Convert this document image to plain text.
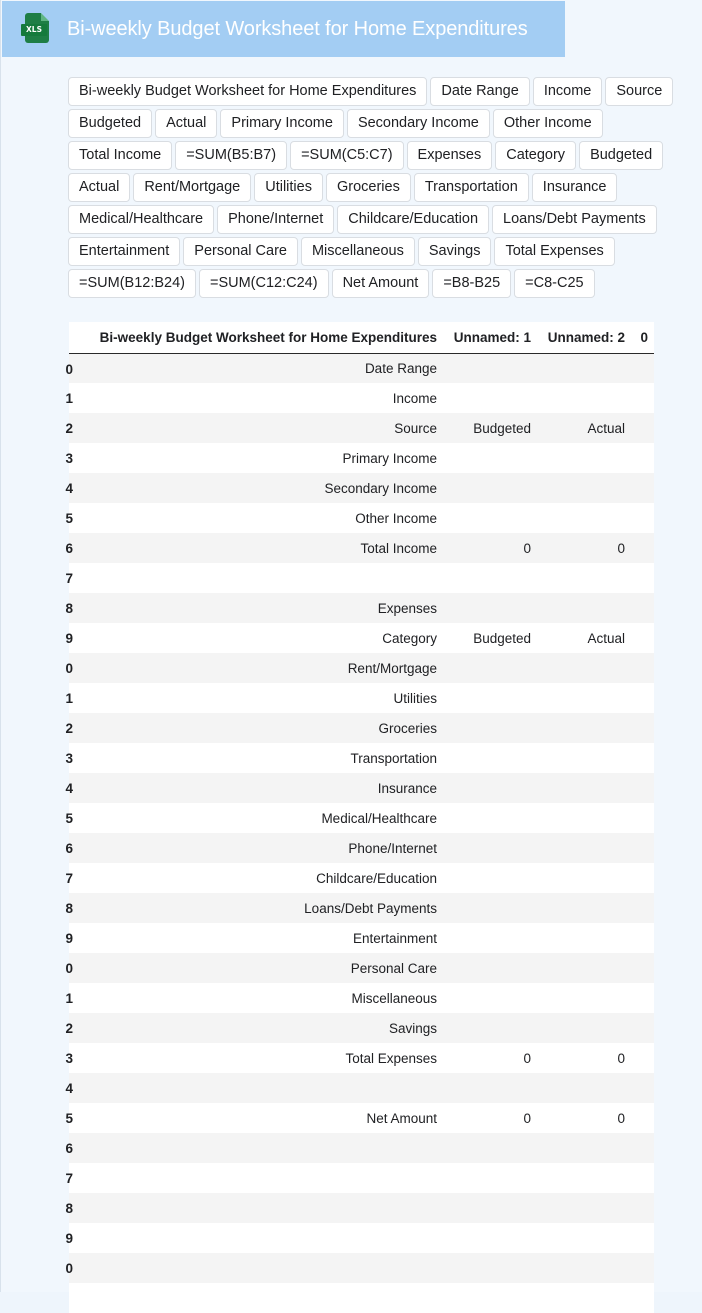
XLS Bi-weekly Budget Worksheet for Home Expenditures
Bi-weekly Budget Worksheet for Home Expenditures	Date Range	Income	Source
Budgeted	Actual	Primary Income	Secondary Income	Other Income
Total Income	=SUM(B5:B7)	=SUM(C5:C7)	Expenses	Category	Budgeted
Actual	Rent/Mortgage	Utilities	Groceries	Transportation	Insurance
Medical/Healthcare	Phone/Internet	Childcare/Education	Loans/Debt Payments
Entertainment	Personal Care	Miscellaneous	Savings	Total Expenses
=SUM(B12:B24)	=SUM(C12:C24)	Net Amount	=B8-B25	=C8-C25
	Bi-weekly Budget Worksheet for Home Expenditures	Unnamed: 1	Unnamed: 2	0

0	Date Range			

1	Income			

2	Source	Budgeted	Actual	

3	Primary Income			

4	Secondary Income			

5	Other Income			

6	Total Income	0	0	

7				

8	Expenses			

9	Category	Budgeted	Actual	

0	Rent/Mortgage			

1	Utilities			

2	Groceries			

3	Transportation			

4	Insurance			

5	Medical/Healthcare			

6	Phone/Internet			

7	Childcare/Education			

8	Loans/Debt Payments			

9	Entertainment			

0	Personal Care			

1	Miscellaneous			

2	Savings			

3	Total Expenses	0	0	

4				

5	Net Amount	0	0	

6				

7				

8				

9				

0				
